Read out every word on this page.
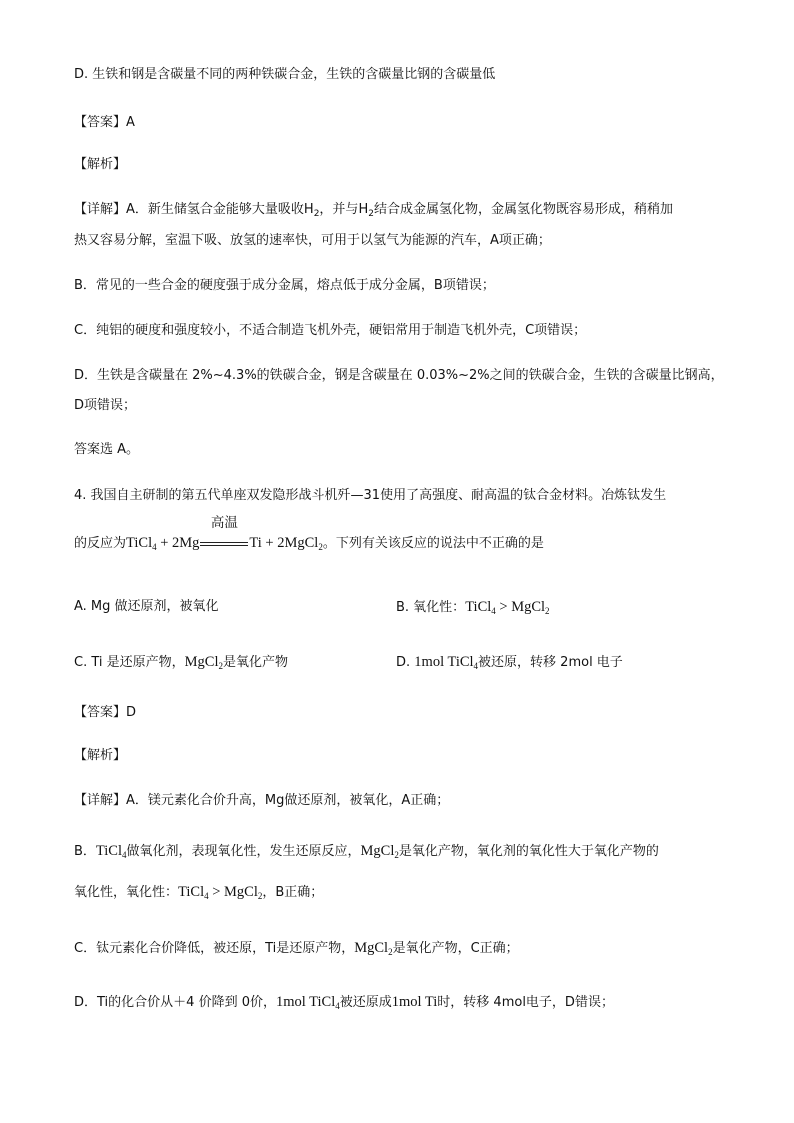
D. 生铁和钢是含碳量不同的两种铁碳合金，生铁的含碳量比钢的含碳量低
【答案】A
【解析】
【详解】A．新生储氢合金能够大量吸收$H_2$，并与$H_2$结合成金属氢化物，金属氢化物既容易形成，稍稍加
热又容易分解，室温下吸、放氢的速率快，可用于以氢气为能源的汽车，A项正确；
B．常见的一些合金的硬度强于成分金属，熔点低于成分金属，B项错误；
C．纯铝的硬度和强度较小，不适合制造飞机外壳，硬铝常用于制造飞机外壳，C项错误；
D．生铁是含碳量在 2%~4.3%的铁碳合金，钢是含碳量在 0.03%~2%之间的铁碳合金，生铁的含碳量比钢高，
D项错误；
答案选 A。
4. 我国自主研制的第五代单座双发隐形战斗机歼—31使用了高强度、耐高温的钛合金材料。冶炼钛发生
的反应为TiCl$_4$ + 2Mg
高温
Ti + 2MgCl$_2$。下列有关该反应的说法中不正确的是
A. Mg 做还原剂，被氧化	B. 氧化性：TiCl$_4$ > MgCl$_2$
C. Ti 是还原产物，MgCl$_2$是氧化产物	D. 1mol TiCl$_4$被还原，转移 2mol 电子
【答案】D
【解析】
【详解】A．镁元素化合价升高，Mg做还原剂，被氧化，A正确；
B．TiCl$_4$做氧化剂，表现氧化性，发生还原反应，MgCl$_2$是氧化产物，氧化剂的氧化性大于氧化产物的
氧化性，氧化性：TiCl$_4$ > MgCl$_2$，B正确；
C．钛元素化合价降低，被还原，Ti是还原产物，MgCl$_2$是氧化产物，C正确；
D．Ti的化合价从＋4 价降到 0价，1mol TiCl$_4$被还原成1mol Ti时，转移 4mol电子，D错误；
